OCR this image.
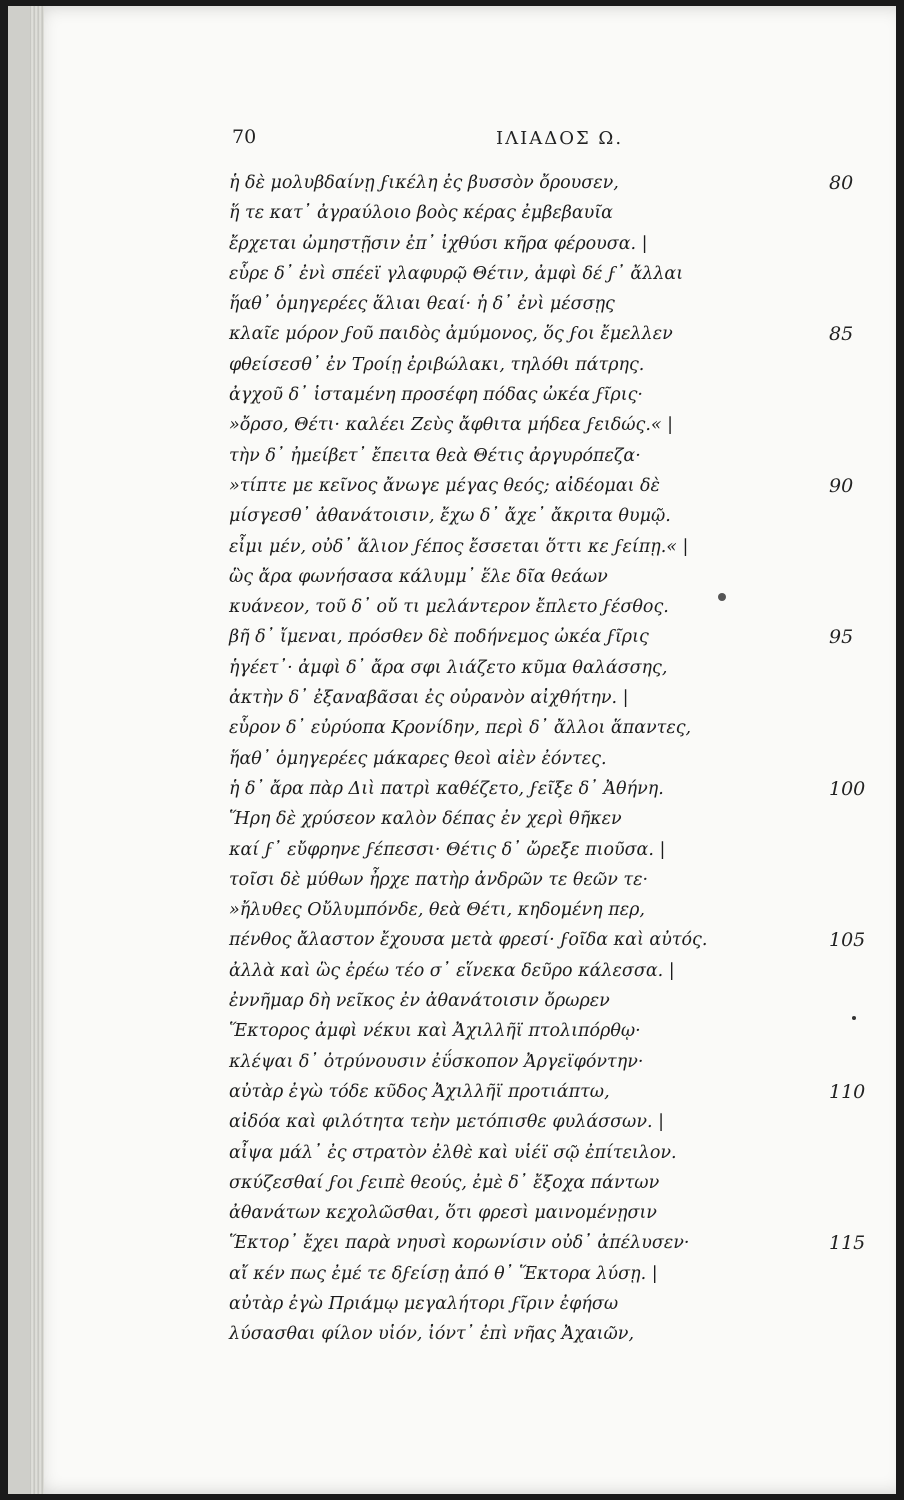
70	ΙΛΙΑΔΟΣ Ω.
ἡ δὲ μολυβδαίνῃ ϝικέλη ἐς βυσσὸν ὄρουσεν,	80
ἥ τε κατ᾽ ἀγραύλοιο βοὸς κέρας ἐμβεβαυῖα
ἔρχεται ὠμηστῇσιν ἐπ᾽ ἰχθύσι κῆρα φέρουσα. |
εὗρε δ᾽ ἐνὶ σπέεϊ γλαφυρῷ Θέτιν, ἀμφὶ δέ ϝ᾽ ἄλλαι
ἥαθ᾽ ὁμηγερέες ἅλιαι θεαί· ἡ δ᾽ ἐνὶ μέσσῃς
κλαῖε μόρον ϝοῦ παιδὸς ἀμύμονος, ὅς ϝοι ἔμελλεν	85
φθείσεσθ᾽ ἐν Τροίῃ ἐριβώλακι, τηλόθι πάτρης.
ἀγχοῦ δ᾽ ἱσταμένη προσέφη πόδας ὠκέα ϝῖρις·
»ὄρσο, Θέτι· καλέει Ζεὺς ἄφθιτα μήδεα ϝειδώς.« |
τὴν δ᾽ ἠμείβετ᾽ ἔπειτα θεὰ Θέτις ἀργυρόπεζα·
»τίπτε με κεῖνος ἄνωγε μέγας θεός; αἰδέομαι δὲ	90
μίσγεσθ᾽ ἀθανάτοισιν, ἔχω δ᾽ ἄχε᾽ ἄκριτα θυμῷ.
εἶμι μέν, οὐδ᾽ ἅλιον ϝέπος ἔσσεται ὅττι κε ϝείπῃ.« |
ὣς ἄρα φωνήσασα κάλυμμ᾽ ἕλε δῖα θεάων
κυάνεον, τοῦ δ᾽ οὔ τι μελάντερον ἔπλετο ϝέσθος.
βῆ δ᾽ ἴμεναι, πρόσθεν δὲ ποδήνεμος ὠκέα ϝῖρις	95
ἡγέετ᾽· ἀμφὶ δ᾽ ἄρα σφι λιάζετο κῦμα θαλάσσης,
ἀκτὴν δ᾽ ἐξαναβᾶσαι ἐς οὐρανὸν αἰχθήτην. |
εὗρον δ᾽ εὐρύοπα Κρονίδην, περὶ δ᾽ ἄλλοι ἅπαντες,
ἥαθ᾽ ὁμηγερέες μάκαρες θεοὶ αἰὲν ἐόντες.
ἡ δ᾽ ἄρα πὰρ Διὶ πατρὶ καθέζετο, ϝεῖξε δ᾽ Ἀθήνη.	100
Ἥρη δὲ χρύσεον καλὸν δέπας ἐν χερὶ θῆκεν
καί ϝ᾽ εὔφρηνε ϝέπεσσι· Θέτις δ᾽ ὤρεξε πιοῦσα. |
τοῖσι δὲ μύθων ἦρχε πατὴρ ἀνδρῶν τε θεῶν τε·
»ἤλυθες Οὔλυμπόνδε, θεὰ Θέτι, κηδομένη περ,
πένθος ἄλαστον ἔχουσα μετὰ φρεσί· ϝοῖδα καὶ αὐτός.	105
ἀλλὰ καὶ ὣς ἐρέω τέο σ᾽ εἵνεκα δεῦρο κάλεσσα. |
ἐννῆμαρ δὴ νεῖκος ἐν ἀθανάτοισιν ὄρωρεν
Ἕκτορος ἀμφὶ νέκυι καὶ Ἀχιλλῆϊ πτολιπόρθῳ·
κλέψαι δ᾽ ὀτρύνουσιν ἐΰσκοπον Ἀργεϊφόντην·
αὐτὰρ ἐγὼ τόδε κῦδος Ἀχιλλῆϊ προτιάπτω,	110
αἰδόα καὶ φιλότητα τεὴν μετόπισθε φυλάσσων. |
αἶψα μάλ᾽ ἐς στρατὸν ἐλθὲ καὶ υἱέϊ σῷ ἐπίτειλον.
σκύζεσθαί ϝοι ϝειπὲ θεούς, ἐμὲ δ᾽ ἔξοχα πάντων
ἀθανάτων κεχολῶσθαι, ὅτι φρεσὶ μαινομένῃσιν
Ἕκτορ᾽ ἔχει παρὰ νηυσὶ κορωνίσιν οὐδ᾽ ἀπέλυσεν·	115
αἴ κέν πως ἐμέ τε δϝείσῃ ἀπό θ᾽ Ἕκτορα λύσῃ. |
αὐτὰρ ἐγὼ Πριάμῳ μεγαλήτορι ϝῖριν ἐφήσω
λύσασθαι φίλον υἱόν, ἰόντ᾽ ἐπὶ νῆας Ἀχαιῶν,
